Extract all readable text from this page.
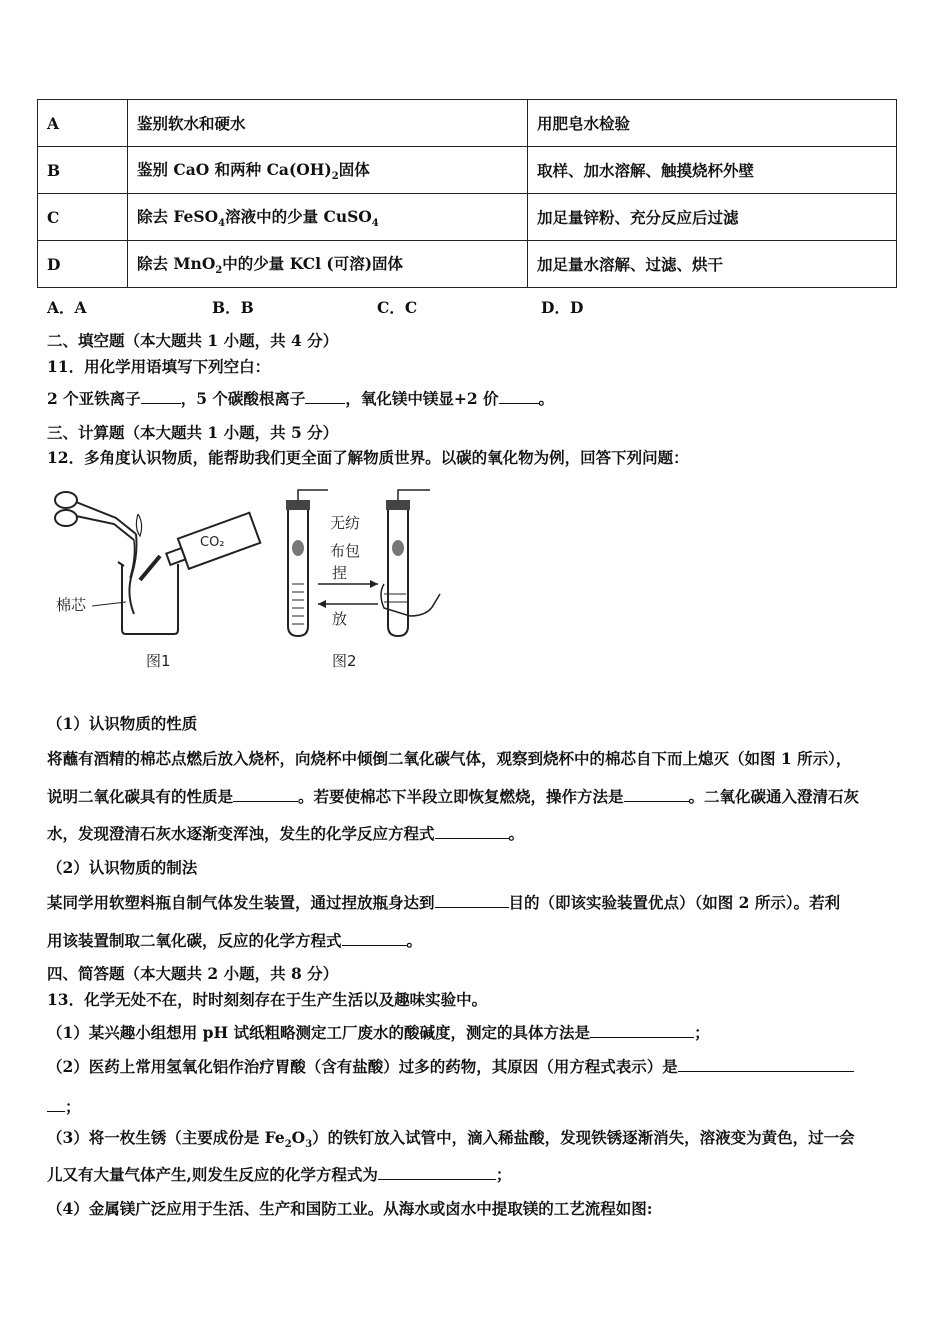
A	鉴别软水和硬水	用肥皂水检验
B	鉴别 CaO 和两种 $Ca(OH)_2$固体	取样、加水溶解、触摸烧杯外壁
C	除去 FeSO$_4$溶液中的少量 CuSO$_4$	加足量锌粉、充分反应后过滤
D	除去 MnO$_2$中的少量 KCl (可溶)固体	加足量水溶解、过滤、烘干
A．A	B．B	C．C	D．D
二、填空题（本大题共 1 小题，共 4 分）
11．用化学用语填写下列空白：
2 个亚铁离子	，5 个碳酸根离子	，氧化镁中镁显+2 价	。
三、计算题（本大题共 1 小题，共 5 分）
12．多角度认识物质，能帮助我们更全面了解物质世界。以碳的氧化物为例，回答下列问题：
CO₂
棉芯
图1
无纺
布包
捏
放
图2
（1）认识物质的性质
将蘸有酒精的棉芯点燃后放入烧杯，向烧杯中倾倒二氧化碳气体，观察到烧杯中的棉芯自下而上熄灭（如图 1 所示），
说明二氧化碳具有的性质是	。若要使棉芯下半段立即恢复燃烧，操作方法是	。二氧化碳通入澄清石灰
水，发现澄清石灰水逐渐变浑浊，发生的化学反应方程式	。
（2）认识物质的制法
某同学用软塑料瓶自制气体发生装置，通过捏放瓶身达到	目的（即该实验装置优点）（如图 2 所示）。若利
用该装置制取二氧化碳，反应的化学方程式	。
四、简答题（本大题共 2 小题，共 8 分）
13．化学无处不在，时时刻刻存在于生产生活以及趣味实验中。
（1）某兴趣小组想用 pH 试纸粗略测定工厂废水的酸碱度，测定的具体方法是	；
（2）医药上常用氢氧化铝作治疗胃酸（含有盐酸）过多的药物，其原因（用方程式表示）是
；
（3）将一枚生锈（主要成份是 $Fe_2O_3$）的铁钉放入试管中，滴入稀盐酸，发现铁锈逐渐消失，溶液变为黄色，过一会
儿又有大量气体产生,则发生反应的化学方程式为	；
（4）金属镁广泛应用于生活、生产和国防工业。从海水或卤水中提取镁的工艺流程如图:
